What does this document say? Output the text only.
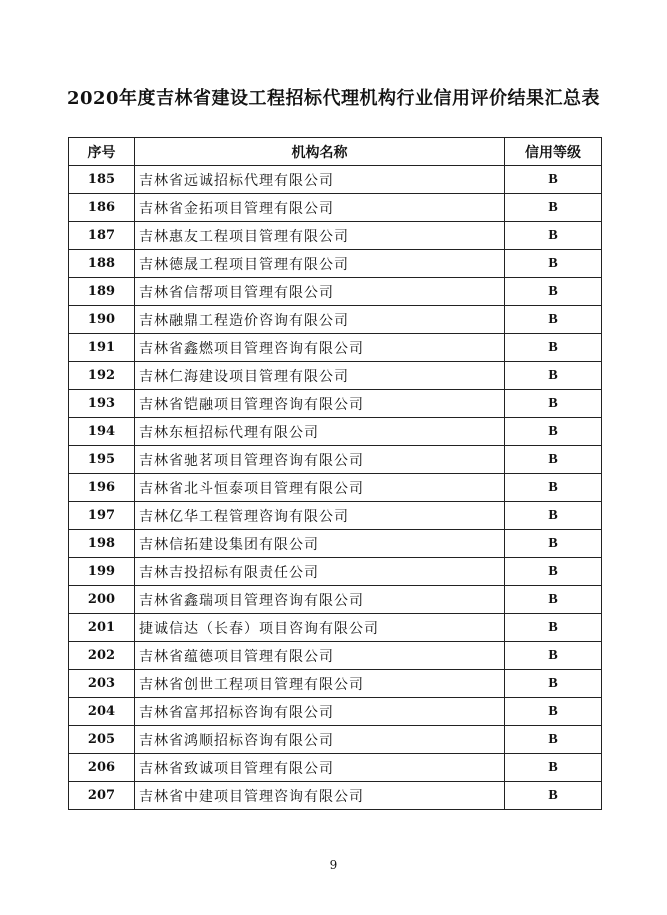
2020年度吉林省建设工程招标代理机构行业信用评价结果汇总表
序号	机构名称	信用等级
185	吉林省远诚招标代理有限公司	B
186	吉林省金拓项目管理有限公司	B
187	吉林惠友工程项目管理有限公司	B
188	吉林德晟工程项目管理有限公司	B
189	吉林省信帮项目管理有限公司	B
190	吉林融鼎工程造价咨询有限公司	B
191	吉林省鑫燃项目管理咨询有限公司	B
192	吉林仁海建设项目管理有限公司	B
193	吉林省铠融项目管理咨询有限公司	B
194	吉林东桓招标代理有限公司	B
195	吉林省驰茗项目管理咨询有限公司	B
196	吉林省北斗恒泰项目管理有限公司	B
197	吉林亿华工程管理咨询有限公司	B
198	吉林信拓建设集团有限公司	B
199	吉林吉投招标有限责任公司	B
200	吉林省鑫瑞项目管理咨询有限公司	B
201	捷诚信达（长春）项目咨询有限公司	B
202	吉林省蕴德项目管理有限公司	B
203	吉林省创世工程项目管理有限公司	B
204	吉林省富邦招标咨询有限公司	B
205	吉林省鸿顺招标咨询有限公司	B
206	吉林省致诚项目管理有限公司	B
207	吉林省中建项目管理咨询有限公司	B
9
